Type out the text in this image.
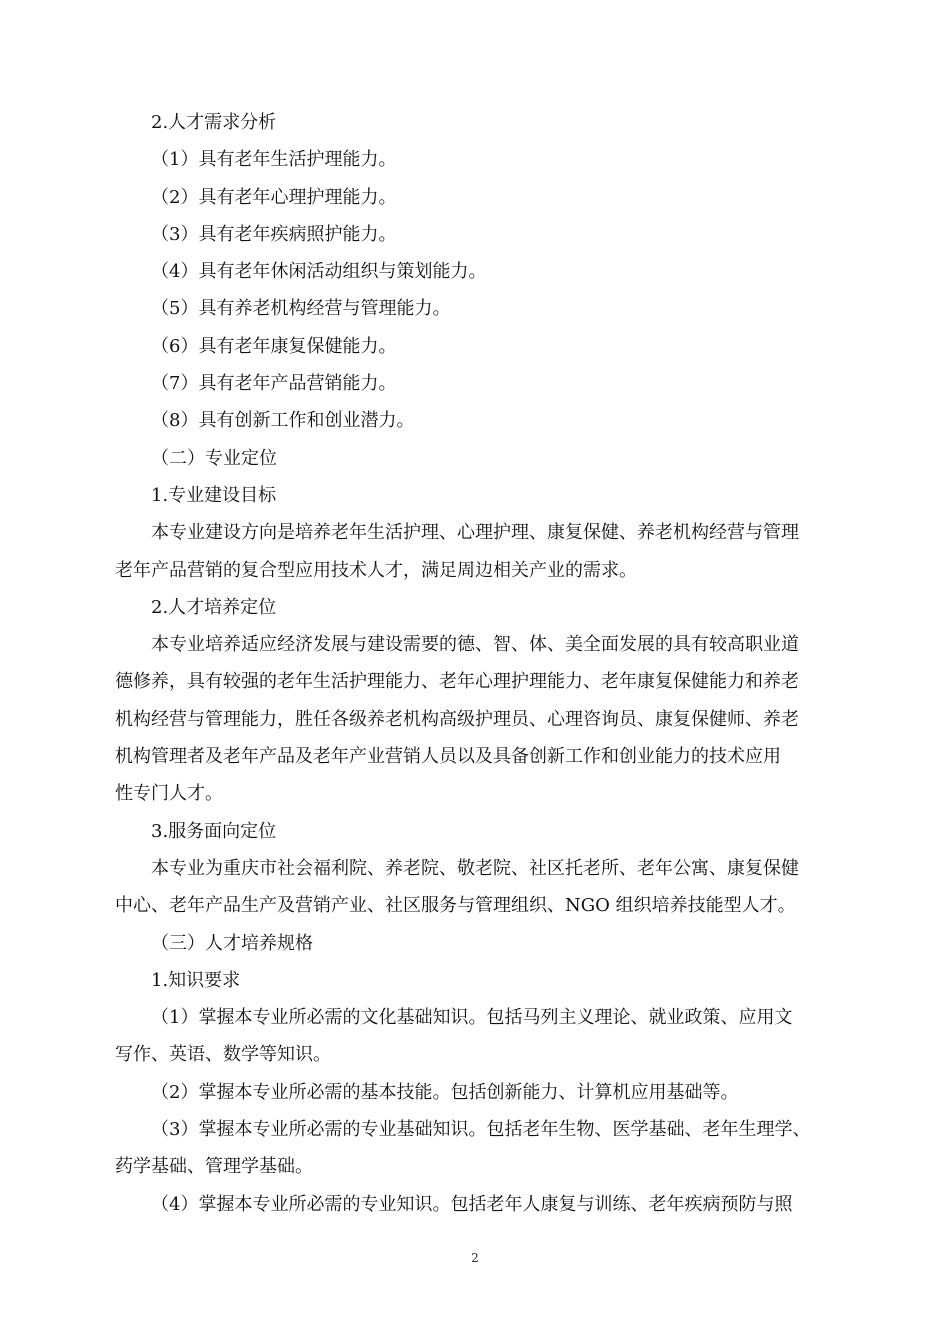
2.人才需求分析
（1）具有老年生活护理能力。
（2）具有老年心理护理能力。
（3）具有老年疾病照护能力。
（4）具有老年休闲活动组织与策划能力。
（5）具有养老机构经营与管理能力。
（6）具有老年康复保健能力。
（7）具有老年产品营销能力。
（8）具有创新工作和创业潜力。
（二）专业定位
1.专业建设目标
本专业建设方向是培养老年生活护理、心理护理、康复保健、养老机构经营与管理
老年产品营销的复合型应用技术人才，满足周边相关产业的需求。
2.人才培养定位
本专业培养适应经济发展与建设需要的德、智、体、美全面发展的具有较高职业道
德修养，具有较强的老年生活护理能力、老年心理护理能力、老年康复保健能力和养老
机构经营与管理能力，胜任各级养老机构高级护理员、心理咨询员、康复保健师、养老
机构管理者及老年产品及老年产业营销人员以及具备创新工作和创业能力的技术应用
性专门人才。
3.服务面向定位
本专业为重庆市社会福利院、养老院、敬老院、社区托老所、老年公寓、康复保健
中心、老年产品生产及营销产业、社区服务与管理组织、NGO 组织培养技能型人才。
（三）人才培养规格
1.知识要求
（1）掌握本专业所必需的文化基础知识。包括马列主义理论、就业政策、应用文
写作、英语、数学等知识。
（2）掌握本专业所必需的基本技能。包括创新能力、计算机应用基础等。
（3）掌握本专业所必需的专业基础知识。包括老年生物、医学基础、老年生理学、
药学基础、管理学基础。
（4）掌握本专业所必需的专业知识。包括老年人康复与训练、老年疾病预防与照
2
